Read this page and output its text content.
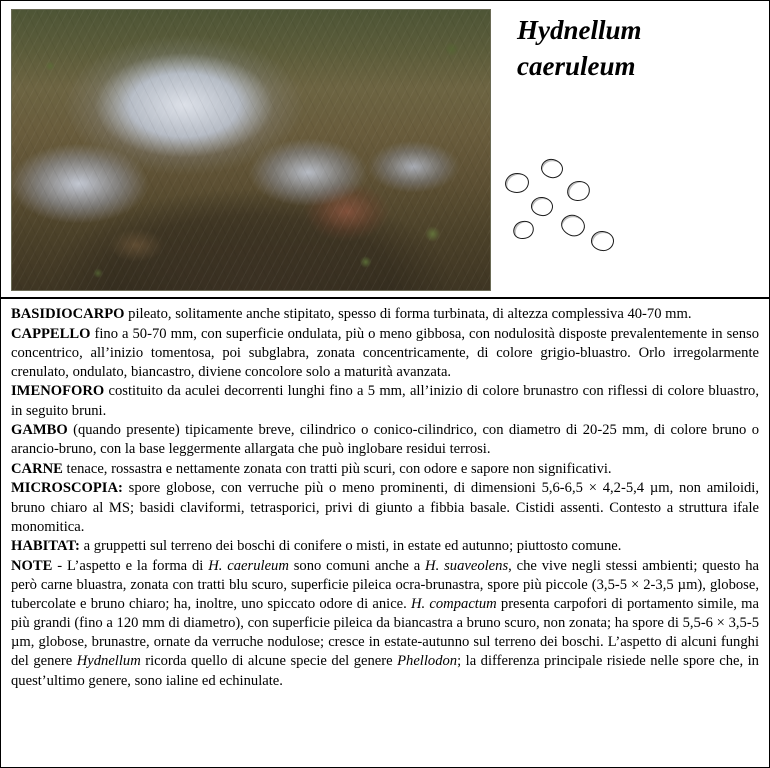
Hydnellum
caeruleum

BASIDIOCARPO pileato, solitamente anche stipitato, spesso di forma turbinata, di altezza complessiva 40-70 mm.

CAPPELLO fino a 50-70 mm, con superficie ondulata, più o meno gibbosa, con nodulosità disposte prevalentemente in senso concentrico, all’inizio tomentosa, poi subglabra, zonata concentricamente, di colore grigio-bluastro. Orlo irregolarmente crenulato, ondulato, biancastro, diviene concolore solo a maturità avanzata.

IMENOFORO costituito da aculei decorrenti lunghi fino a 5 mm, all’inizio di colore brunastro con riflessi di colore bluastro, in seguito bruni.

GAMBO (quando presente) tipicamente breve, cilindrico o conico-cilindrico, con diametro di 20-25 mm, di colore bruno o arancio-bruno, con la base leggermente allargata che può inglobare residui terrosi.

CARNE tenace, rossastra e nettamente zonata con tratti più scuri, con odore e sapore non significativi.

MICROSCOPIA: spore globose, con verruche più o meno prominenti, di dimensioni 5,6-6,5 × 4,2-5,4 µm, non amiloidi, bruno chiaro al MS; basidi claviformi, tetrasporici, privi di giunto a fibbia basale. Cistidi assenti. Contesto a struttura ifale monomitica.

HABITAT: a gruppetti sul terreno dei boschi di conifere o misti, in estate ed autunno; piuttosto comune.

NOTE - L’aspetto e la forma di H. caeruleum sono comuni anche a H. suaveolens, che vive negli stessi ambienti; questo ha però carne bluastra, zonata con tratti blu scuro, superficie pileica ocra-brunastra, spore più piccole (3,5-5 × 2-3,5 µm), globose, tubercolate e bruno chiaro; ha, inoltre, uno spiccato odore di anice. H. compactum presenta carpofori di portamento simile, ma più grandi (fino a 120 mm di diametro), con superficie pileica da biancastra a bruno scuro, non zonata; ha spore di 5,5-6 × 3,5-5 µm, globose, brunastre, ornate da verruche nodulose; cresce in estate-autunno sul terreno dei boschi. L’aspetto di alcuni funghi del genere Hydnellum ricorda quello di alcune specie del genere Phellodon; la differenza principale risiede nelle spore che, in quest’ultimo genere, sono ialine ed echinulate.
